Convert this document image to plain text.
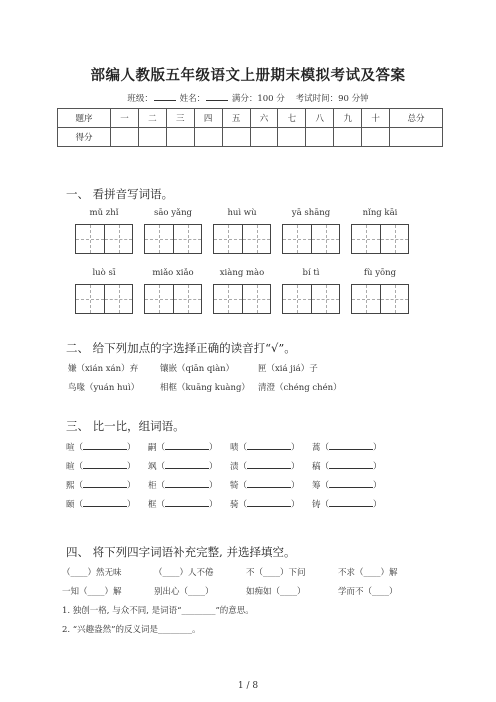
部编人教版五年级语文上册期末模拟考试及答案
班级：	姓名：	满分：100 分 考试时间：90 分钟
题序	一	二	三	四	五	六	七	八	九	十	总分
得分											
一、 看拼音写词语。
mǔ zhǐ	sāo yǎng	huì wù	yā shāng	nǐng kāi
luò sī	miǎo xiǎo	xiàng mào	bí tì	fù yōng
二、 给下列加点的字选择正确的读音打“√”。
嫌（xián xán）弃	镶嵌（qiān qiàn）	匣（xiá jiá）子
鸟喙（yuán huì） 相框（kuāng kuàng） 清澄（chéng chén）
三、 比一比，组词语。
喧（	） 嗣（	） 啧（	） 蒿（	）
暄（	） 飒（	） 渍（	） 稿（	）
熙（	） 柜（	） 犄（	） 筹（	）
颐（	） 框（	） 骑（	） 铸（	）
四、 将下列四字词语补充完整, 并选择填空。
（____）然无味	（____）人不倦	不（____）下问	不求（____）解
一知（____）解	别出心（____）	如痴如（____）	学而不（____）
1. 独创一格, 与众不同, 是词语“________”的意思。
2. “兴趣盎然”的反义词是________。
1 / 8
